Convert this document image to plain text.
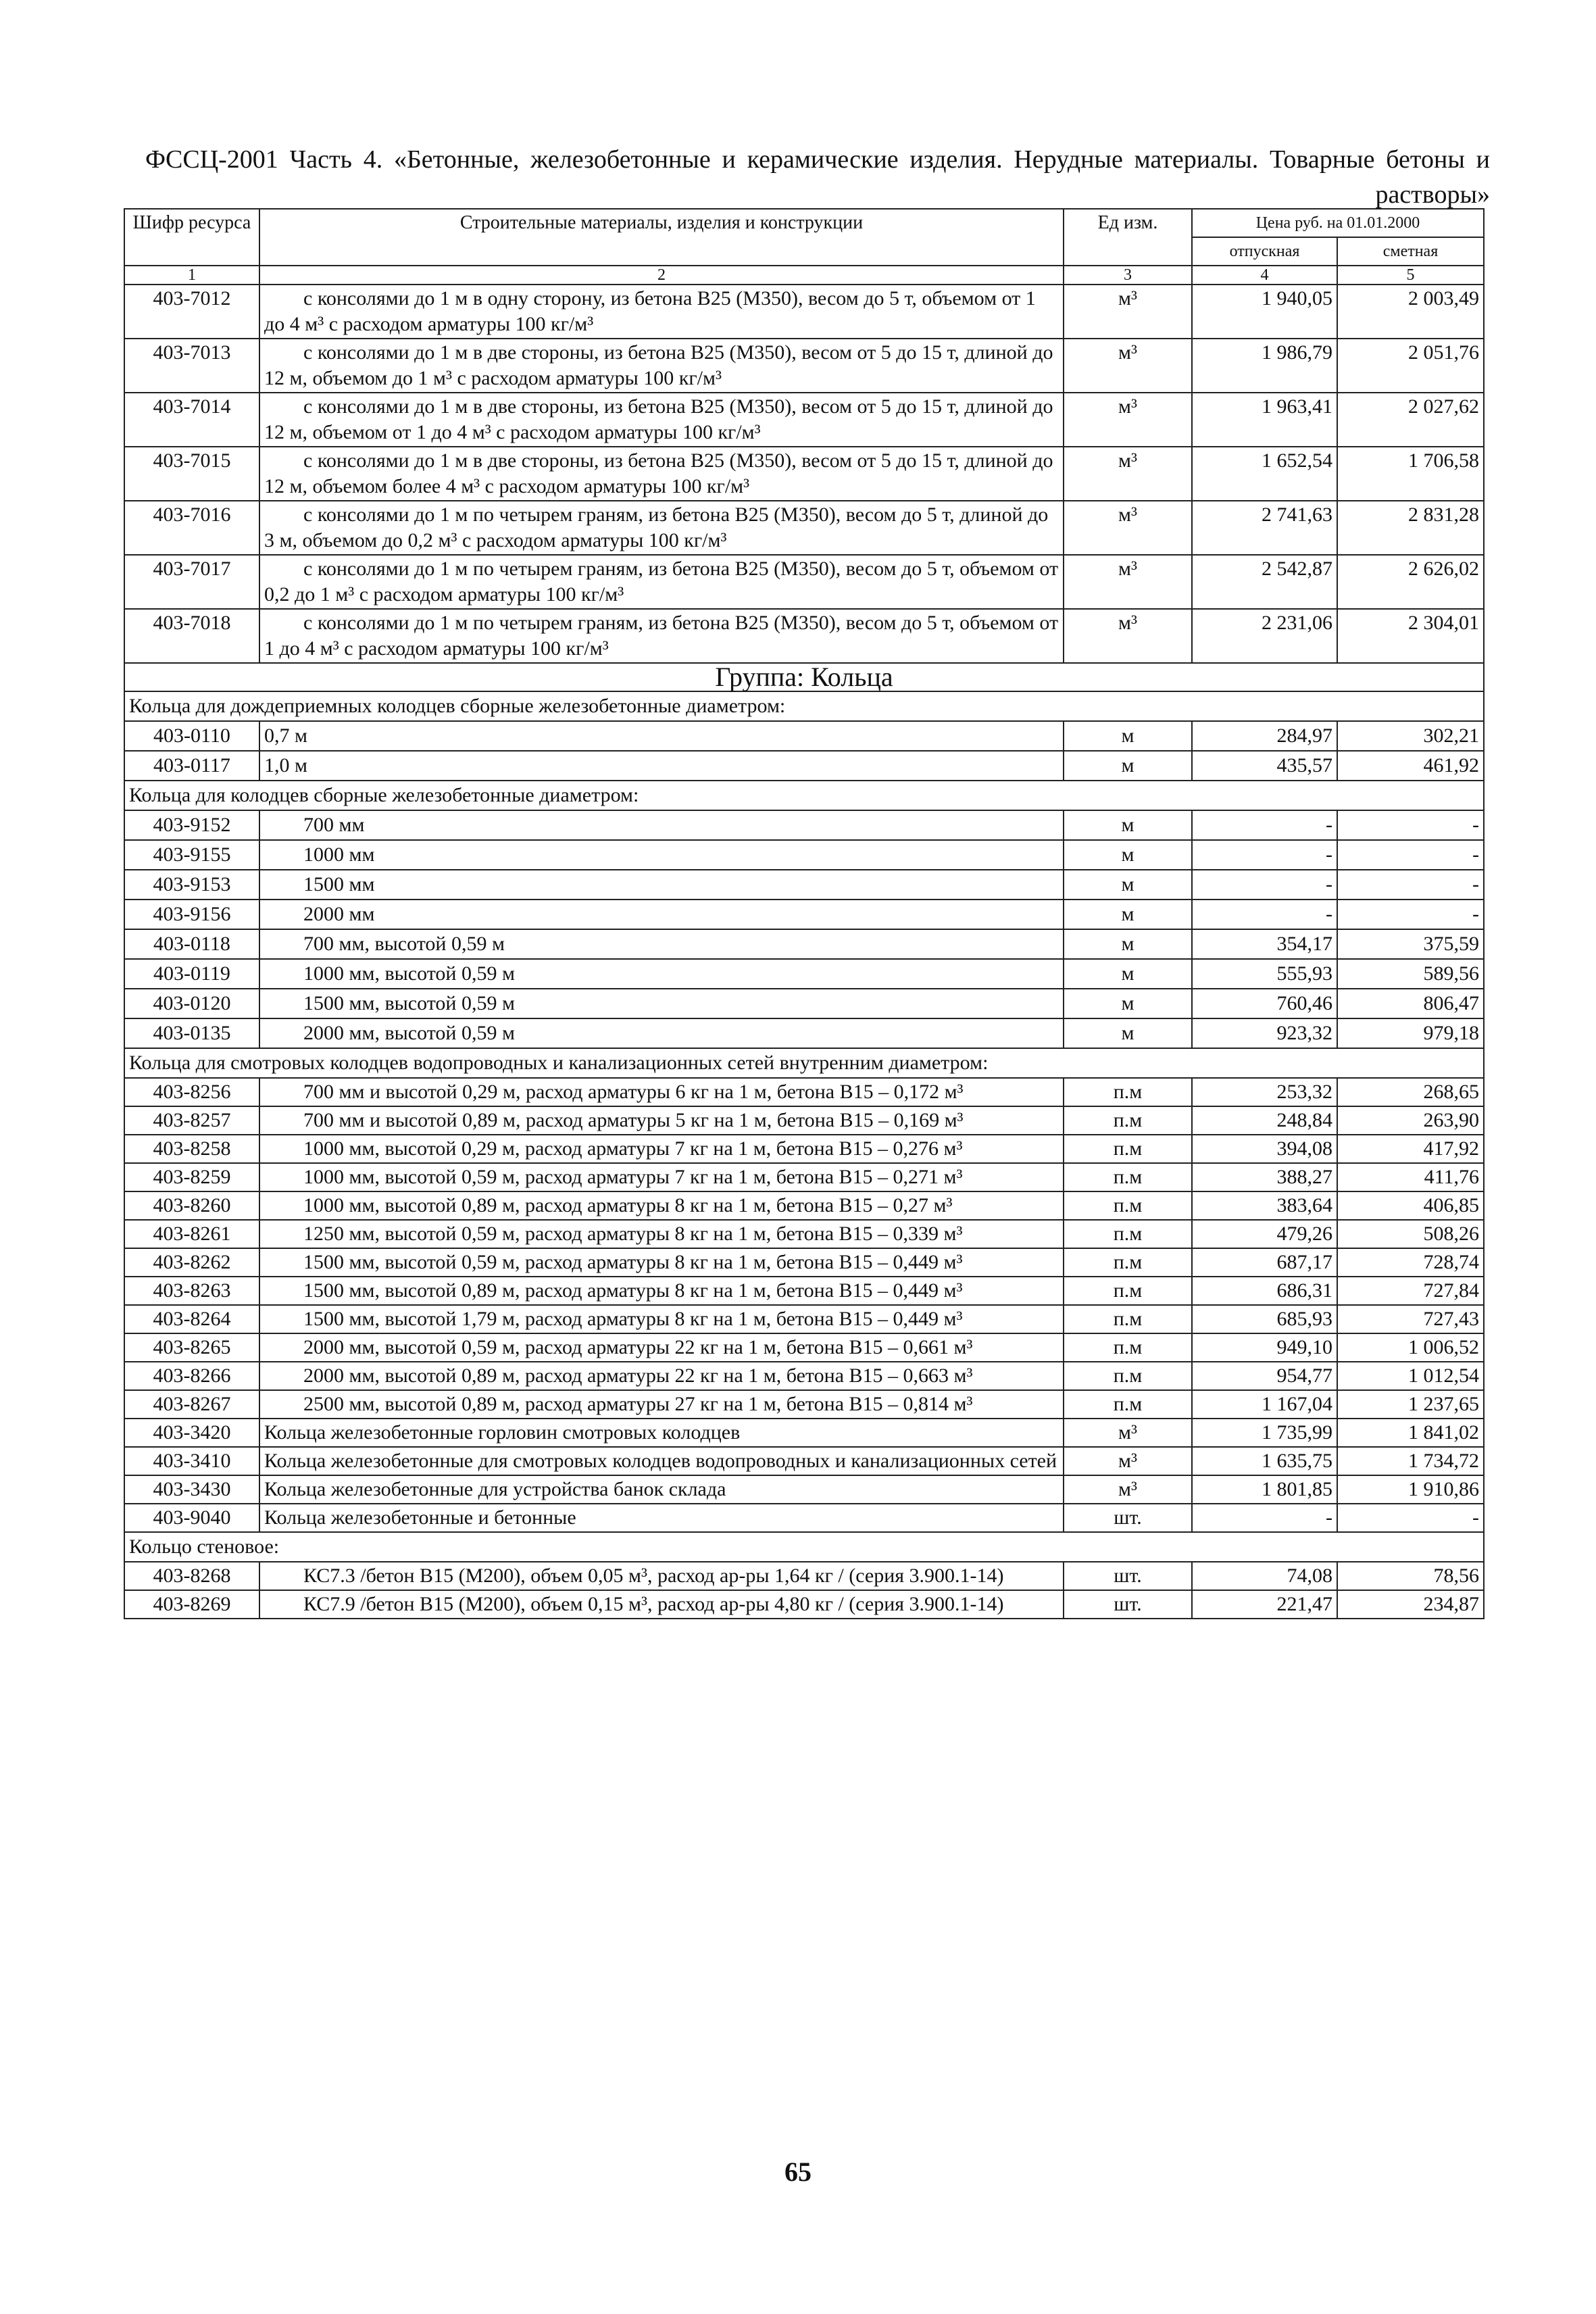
ФССЦ-2001 Часть 4. «Бетонные, железобетонные и керамические изделия. Нерудные материалы. Товарные бетоны и растворы»
Шифр ресурса	Строительные материалы, изделия и конструкции	Ед изм.	Цена руб. на 01.01.2000	
			отпускная	сметная
1	2	3	4	5
403-7012	с консолями до 1 м в одну сторону, из бетона В25 (М350), весом до 5 т, объемом от 1 до 4 м³ с расходом арматуры 100 кг/м³	м³	1 940,05	2 003,49
403-7013	с консолями до 1 м в две стороны, из бетона В25 (М350), весом от 5 до 15 т, длиной до 12 м, объемом до 1 м³ с расходом арматуры 100 кг/м³	м³	1 986,79	2 051,76
403-7014	с консолями до 1 м в две стороны, из бетона В25 (М350), весом от 5 до 15 т, длиной до 12 м, объемом от 1 до 4 м³ с расходом арматуры 100 кг/м³	м³	1 963,41	2 027,62
403-7015	с консолями до 1 м в две стороны, из бетона В25 (М350), весом от 5 до 15 т, длиной до 12 м, объемом более 4 м³ с расходом арматуры 100 кг/м³	м³	1 652,54	1 706,58
403-7016	с консолями до 1 м по четырем граням, из бетона В25 (М350), весом до 5 т, длиной до 3 м, объемом до 0,2 м³ с расходом арматуры 100 кг/м³	м³	2 741,63	2 831,28
403-7017	с консолями до 1 м по четырем граням, из бетона В25 (М350), весом до 5 т, объемом от 0,2 до 1 м³ с расходом арматуры 100 кг/м³	м³	2 542,87	2 626,02
403-7018	с консолями до 1 м по четырем граням, из бетона В25 (М350), весом до 5 т, объемом от 1 до 4 м³ с расходом арматуры 100 кг/м³	м³	2 231,06	2 304,01
Группа: Кольца				
Кольца для дождеприемных колодцев сборные железобетонные диаметром:				
403-0110	0,7 м	м	284,97	302,21
403-0117	1,0 м	м	435,57	461,92
Кольца для колодцев сборные железобетонные диаметром:				
403-9152	700 мм	м	-	-
403-9155	1000 мм	м	-	-
403-9153	1500 мм	м	-	-
403-9156	2000 мм	м	-	-
403-0118	700 мм, высотой 0,59 м	м	354,17	375,59
403-0119	1000 мм, высотой 0,59 м	м	555,93	589,56
403-0120	1500 мм, высотой 0,59 м	м	760,46	806,47
403-0135	2000 мм, высотой 0,59 м	м	923,32	979,18
Кольца для смотровых колодцев водопроводных и канализационных сетей внутренним диаметром:				
403-8256	700 мм и высотой 0,29 м, расход арматуры 6 кг на 1 м, бетона В15 – 0,172 м³	п.м	253,32	268,65
403-8257	700 мм и высотой 0,89 м, расход арматуры 5 кг на 1 м, бетона В15 – 0,169 м³	п.м	248,84	263,90
403-8258	1000 мм, высотой 0,29 м, расход арматуры 7 кг на 1 м, бетона В15 – 0,276 м³	п.м	394,08	417,92
403-8259	1000 мм, высотой 0,59 м, расход арматуры 7 кг на 1 м, бетона В15 – 0,271 м³	п.м	388,27	411,76
403-8260	1000 мм, высотой 0,89 м, расход арматуры 8 кг на 1 м, бетона В15 – 0,27 м³	п.м	383,64	406,85
403-8261	1250 мм, высотой 0,59 м, расход арматуры 8 кг на 1 м, бетона В15 – 0,339 м³	п.м	479,26	508,26
403-8262	1500 мм, высотой 0,59 м, расход арматуры 8 кг на 1 м, бетона В15 – 0,449 м³	п.м	687,17	728,74
403-8263	1500 мм, высотой 0,89 м, расход арматуры 8 кг на 1 м, бетона В15 – 0,449 м³	п.м	686,31	727,84
403-8264	1500 мм, высотой 1,79 м, расход арматуры 8 кг на 1 м, бетона В15 – 0,449 м³	п.м	685,93	727,43
403-8265	2000 мм, высотой 0,59 м, расход арматуры 22 кг на 1 м, бетона В15 – 0,661 м³	п.м	949,10	1 006,52
403-8266	2000 мм, высотой 0,89 м, расход арматуры 22 кг на 1 м, бетона В15 – 0,663 м³	п.м	954,77	1 012,54
403-8267	2500 мм, высотой 0,89 м, расход арматуры 27 кг на 1 м, бетона В15 – 0,814 м³	п.м	1 167,04	1 237,65
403-3420	Кольца железобетонные горловин смотровых колодцев	м³	1 735,99	1 841,02
403-3410	Кольца железобетонные для смотровых колодцев водопроводных и канализационных сетей	м³	1 635,75	1 734,72
403-3430	Кольца железобетонные для устройства банок склада	м³	1 801,85	1 910,86
403-9040	Кольца железобетонные и бетонные	шт.	-	-
Кольцо стеновое:				
403-8268	КС7.3 /бетон В15 (М200), объем 0,05 м³, расход ар-ры 1,64 кг / (серия 3.900.1-14)	шт.	74,08	78,56
403-8269	КС7.9 /бетон В15 (М200), объем 0,15 м³, расход ар-ры 4,80 кг / (серия 3.900.1-14)	шт.	221,47	234,87
65
